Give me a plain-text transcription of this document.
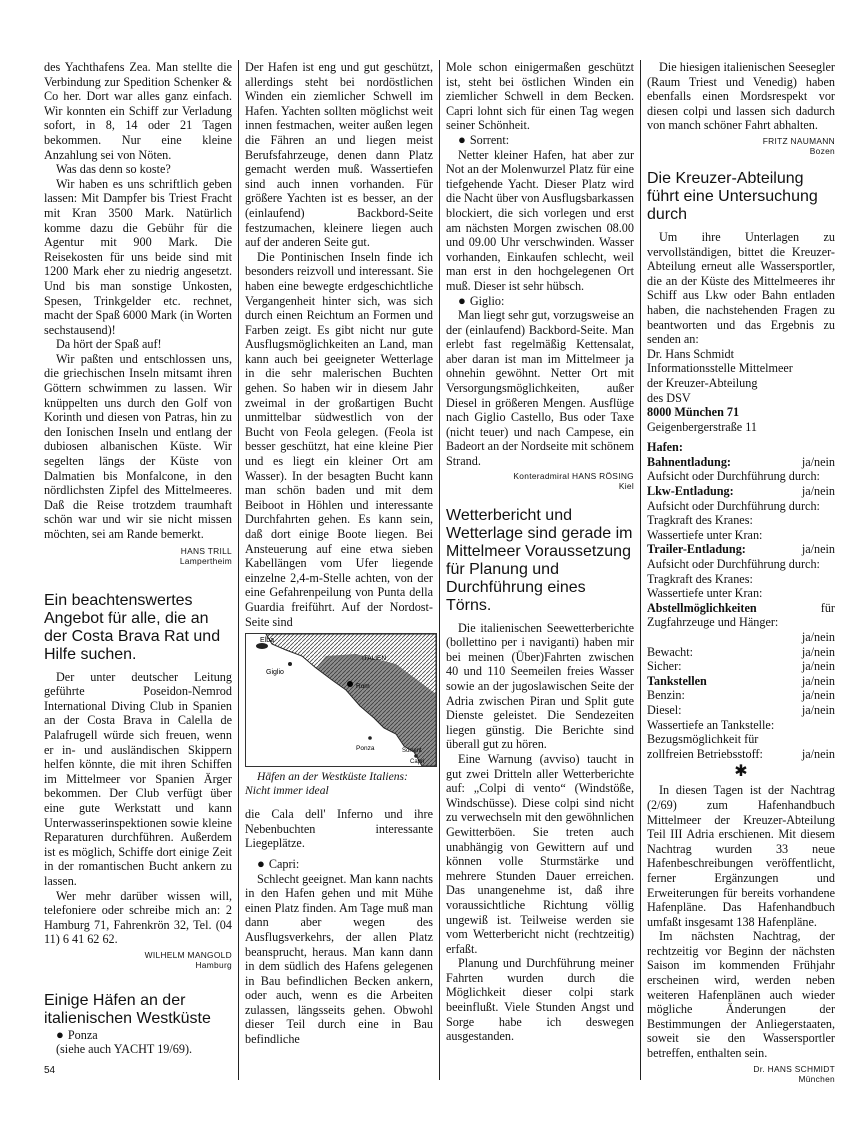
des Yachthafens Zea. Man stellte die Verbindung zur Spedition Schenker & Co her. Dort war alles ganz einfach. Wir konnten ein Schiff zur Verladung sofort, in 8, 14 oder 21 Tagen bekommen. Nur eine kleine Anzahlung sei von Nöten.

Was das denn so koste?

Wir haben es uns schriftlich geben lassen: Mit Dampfer bis Triest Fracht mit Kran 3500 Mark. Natürlich komme dazu die Gebühr für die Agentur mit 900 Mark. Die Reisekosten für uns beide sind mit 1200 Mark eher zu niedrig angesetzt. Und bis man sonstige Unkosten, Spesen, Trinkgelder etc. rechnet, macht der Spaß 6000 Mark (in Worten sechstausend)!

Da hört der Spaß auf!

Wir paßten und entschlossen uns, die griechischen Inseln mitsamt ihren Göttern schwimmen zu lassen. Wir knüppelten uns durch den Golf von Korinth und diesen von Patras, hin zu den Ionischen Inseln und entlang der dubiosen albanischen Küste. Wir segelten längs der Küste von Dalmatien bis Monfalcone, in den nördlichsten Zipfel des Mittelmeeres. Daß die Reise trotzdem traumhaft schön war und wir sie nicht missen möchten, sei am Rande bemerkt.

HANS TRILL
Lampertheim
Ein beachtenswertes Angebot für alle, die an der Costa Brava Rat und Hilfe suchen.

Der unter deutscher Leitung geführte Poseidon-Nemrod International Diving Club in Spanien an der Costa Brava in Calella de Palafrugell würde sich freuen, wenn er in- und ausländischen Skippern helfen könnte, die mit ihren Schiffen im Mittelmeer vor Spanien Ärger bekommen. Der Club verfügt über eine gute Werkstatt und kann Unterwasserinspektionen sowie kleine Reparaturen durchführen. Außerdem ist es möglich, Schiffe dort einige Zeit in der romantischen Bucht ankern zu lassen.

Wer mehr darüber wissen will, telefoniere oder schreibe mich an: 2 Hamburg 71, Fahrenkrön 32, Tel. (04 11) 6 41 62 62.

WILHELM MANGOLD
Hamburg
Einige Häfen an der italienischen Westküste

● Ponza

(siehe auch YACHT 19/69).

Der Hafen ist eng und gut geschützt, allerdings steht bei nordöstlichen Winden ein ziemlicher Schwell im Hafen. Yachten sollten möglichst weit innen festmachen, weiter außen legen die Fähren an und liegen meist Berufsfahrzeuge, denen dann Platz gemacht werden muß. Wassertiefen sind auch innen vorhanden. Für größere Yachten ist es besser, an der (einlaufend) Backbord-Seite festzumachen, kleinere liegen auch auf der anderen Seite gut.

Die Pontinischen Inseln finde ich besonders reizvoll und interessant. Sie haben eine bewegte erdgeschichtliche Vergangenheit hinter sich, was sich durch einen Reichtum an Formen und Farben zeigt. Es gibt nicht nur gute Ausflugsmöglichkeiten an Land, man kann auch bei geeigneter Wetterlage in die sehr malerischen Buchten gehen. So haben wir in diesem Jahr zweimal in der großartigen Bucht unmittelbar südwestlich von der Bucht von Feola gelegen. (Feola ist besser geschützt, hat eine kleine Pier und es liegt ein kleiner Ort am Wasser). In der besagten Bucht kann man schön baden und mit dem Beiboot in Höhlen und interessante Durchfahrten gehen. Es kann sein, daß dort einige Boote liegen. Bei Ansteuerung auf eine etwa sieben Kabellängen vom Ufer liegende einzelne 2,4-m-Stelle achten, von der eine Gefahrenpeilung von Punta della Guardia freiführt. Auf der Nordost-Seite sind

Elba
Giglio
ITALIEN
Rom
Ponza	Sorrent
Capri

Häfen an der Westküste Italiens: Nicht immer ideal

die Cala dell' Inferno und ihre Nebenbuchten interessante Liegeplätze.

● Capri:

Schlecht geeignet. Man kann nachts in den Hafen gehen und mit Mühe einen Platz finden. Am Tage muß man dann aber wegen des Ausflugsverkehrs, der allen Platz beansprucht, heraus. Man kann dann in dem südlich des Hafens gelegenen in Bau befindlichen Becken ankern, oder auch, wenn es die Arbeiten zulassen, längsseits gehen. Obwohl dieser Teil durch eine in Bau befindliche

Mole schon einigermaßen geschützt ist, steht bei östlichen Winden ein ziemlicher Schwell in dem Becken. Capri lohnt sich für einen Tag wegen seiner Schönheit.

● Sorrent:

Netter kleiner Hafen, hat aber zur Not an der Molenwurzel Platz für eine tiefgehende Yacht. Dieser Platz wird die Nacht über von Ausflugsbarkassen blockiert, die sich vorlegen und erst am nächsten Morgen zwischen 08.00 und 09.00 Uhr verschwinden. Wasser vorhanden, Einkaufen schlecht, weil man erst in den hochgelegenen Ort muß. Dieser ist sehr hübsch.

● Giglio:

Man liegt sehr gut, vorzugsweise an der (einlaufend) Backbord-Seite. Man erlebt fast regelmäßig Kettensalat, aber daran ist man im Mittelmeer ja ohnehin gewöhnt. Netter Ort mit Versorgungsmöglichkeiten, außer Diesel in größeren Mengen. Ausflüge nach Giglio Castello, Bus oder Taxe (nicht teuer) und nach Campese, ein Badeort an der Nordseite mit schönem Strand.

Konteradmiral HANS RÖSING
Kiel
Wetterbericht und Wetterlage sind gerade im Mittelmeer Voraussetzung für Planung und Durchführung eines Törns.

Die italienischen Seewetterberichte (bollettino per i naviganti) haben mir bei meinen (Über)Fahrten zwischen 40 und 110 Seemeilen freies Wasser sowie an der jugoslawischen Seite der Adria zwischen Piran und Split gute Dienste geleistet. Die Sendezeiten liegen günstig. Die Berichte sind überall gut zu hören.

Eine Warnung (avviso) taucht in gut zwei Dritteln aller Wetterberichte auf: „Colpi di vento“ (Windstöße, Windschüsse). Diese colpi sind nicht zu verwechseln mit den gewöhnlichen Gewitterböen. Sie treten auch unabhängig von Gewittern auf und können volle Sturmstärke und mehrere Stunden Dauer erreichen. Das unangenehme ist, daß ihre voraussichtliche Richtung völlig ungewiß ist. Teilweise werden sie vom Wetterbericht nicht (rechtzeitig) erfaßt.

Planung und Durchführung meiner Fahrten wurden durch die Möglichkeit dieser colpi stark beeinflußt. Viele Stunden Angst und Sorge habe ich deswegen ausgestanden.

Die hiesigen italienischen Seesegler (Raum Triest und Venedig) haben ebenfalls einen Mordsrespekt vor diesen colpi und lassen sich dadurch von manch schöner Fahrt abhalten.

FRITZ NAUMANN
Bozen
Die Kreuzer-Abteilung führt eine Untersuchung durch

Um ihre Unterlagen zu vervollständigen, bittet die Kreuzer-Abteilung erneut alle Wassersportler, die an der Küste des Mittelmeeres ihr Schiff aus Lkw oder Bahn entladen haben, die nachstehenden Fragen zu beantworten und das Ergebnis zu senden an:

Dr. Hans Schmidt

Informationsstelle Mittelmeer

der Kreuzer-Abteilung

des DSV

8000 München 71

Geigenbergerstraße 11

Hafen:

Bahnentladung:	ja/nein

Aufsicht oder Durchführung durch:

Lkw-Entladung:	ja/nein

Aufsicht oder Durchführung durch:

Tragkraft des Kranes:

Wassertiefe unter Kran:

Trailer-Entladung:	ja/nein

Aufsicht oder Durchführung durch:

Tragkraft des Kranes:

Wassertiefe unter Kran:

Abstellmöglichkeiten	für Zugfahrzeuge und Hänger:

ja/nein
Bewacht:	ja/nein
Sicher:	ja/nein
Tankstellen	ja/nein
Benzin:	ja/nein
Diesel:	ja/nein

Wassertiefe an Tankstelle:

Bezugsmöglichkeit für zollfreien Betriebsstoff:	ja/nein
✱

In diesen Tagen ist der Nachtrag (2/69) zum Hafenhandbuch Mittelmeer der Kreuzer-Abteilung Teil III Adria erschienen. Mit diesem Nachtrag wurden 33 neue Hafenbeschreibungen veröffentlicht, ferner Ergänzungen und Erweiterungen für bereits vorhandene Hafenpläne. Das Hafenhandbuch umfaßt insgesamt 138 Hafenpläne.

Im nächsten Nachtrag, der rechtzeitig vor Beginn der nächsten Saison im kommenden Frühjahr erscheinen wird, werden neben weiteren Hafenplänen auch wieder mögliche Änderungen der Bestimmungen der Anliegerstaaten, soweit sie den Wassersportler betreffen, enthalten sein.

Dr. HANS SCHMIDT
München
54
